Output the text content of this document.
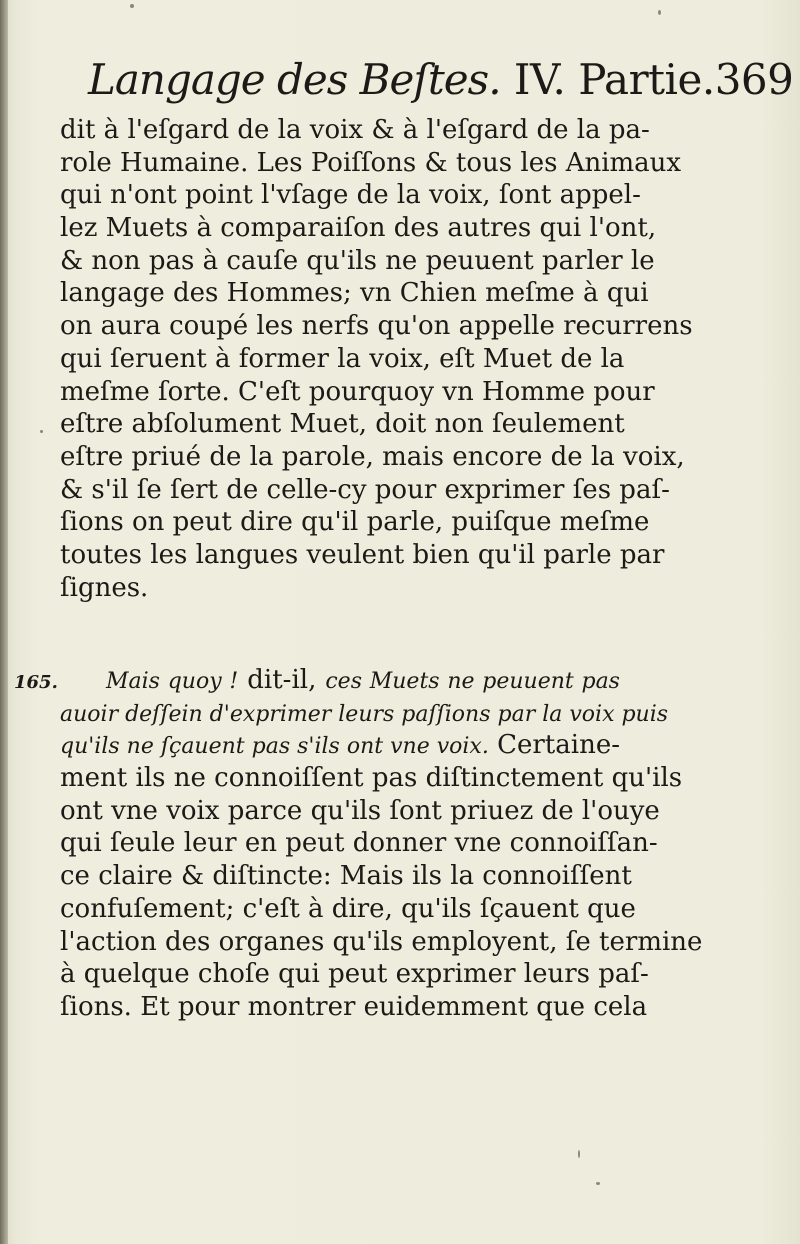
Langage des Beſtes. IV. Partie.369
dit à l'eſgard de la voix & à l'eſgard de la pa-
role Humaine. Les Poiſſons & tous les Animaux
qui n'ont point l'vſage de la voix, ſont appel-
lez Muets à comparaiſon des autres qui l'ont,
& non pas à cauſe qu'ils ne peuuent parler le
langage des Hommes; vn Chien meſme à qui
on aura coupé les nerfs qu'on appelle recurrens
qui ſeruent à former la voix, eſt Muet de la
meſme ſorte. C'eſt pourquoy vn Homme pour
eſtre abſolument Muet, doit non ſeulement
eſtre priué de la parole, mais encore de la voix,
& s'il ſe ſert de celle-cy pour exprimer ſes paſ-
ſions on peut dire qu'il parle, puiſque meſme
toutes les langues veulent bien qu'il parle par
ſignes.
165.	Mais quoy ! dit-il, ces Muets ne peuuent pas
auoir deſſein d'exprimer leurs paſſions par la voix puis
qu'ils ne ſçauent pas s'ils ont vne voix. Certaine-
ment ils ne connoiſſent pas diſtinctement qu'ils
ont vne voix parce qu'ils ſont priuez de l'ouye
qui ſeule leur en peut donner vne connoiſſan-
ce claire & diſtincte: Mais ils la connoiſſent
confuſement; c'eſt à dire, qu'ils ſçauent que
l'action des organes qu'ils employent, ſe termine
à quelque choſe qui peut exprimer leurs paſ-
ſions. Et pour montrer euidemment que cela
